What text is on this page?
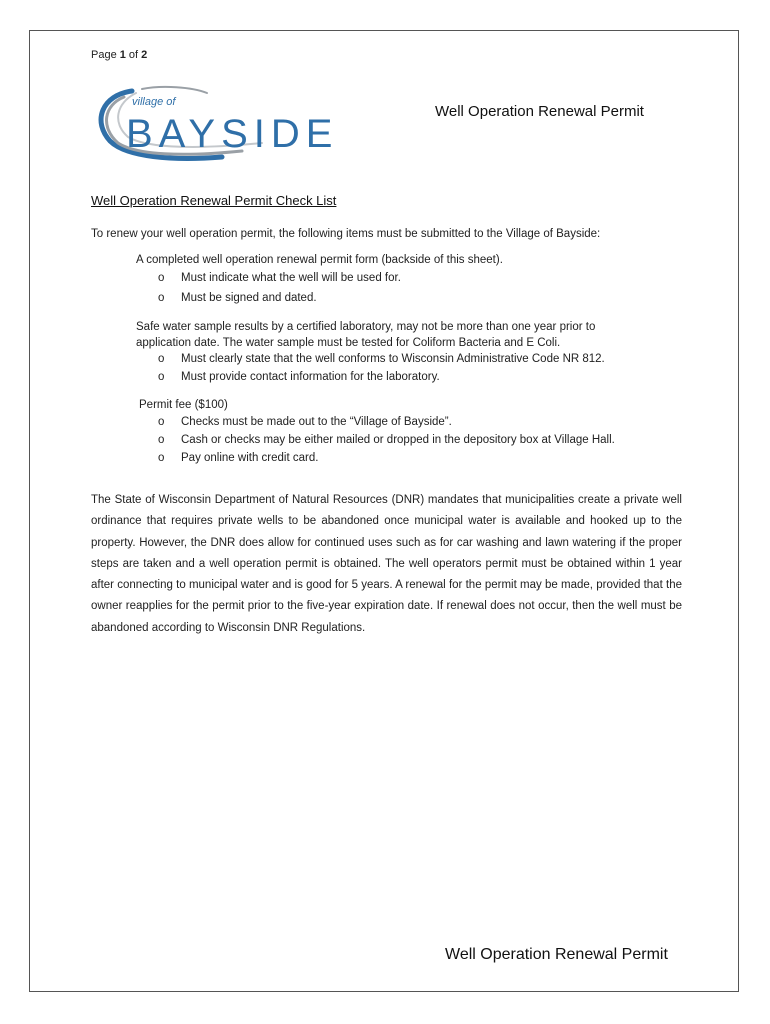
Page 1 of 2
village of
BAYSIDE
Well Operation Renewal Permit
Well Operation Renewal Permit Check List
To renew your well operation permit, the following items must be submitted to the Village of Bayside:
A completed well operation renewal permit form (backside of this sheet).
o Must indicate what the well will be used for.
o Must be signed and dated.
Safe water sample results by a certified laboratory, may not be more than one year prior to
application date. The water sample must be tested for Coliform Bacteria and E Coli.
o Must clearly state that the well conforms to Wisconsin Administrative Code NR 812.
o Must provide contact information for the laboratory.
Permit fee ($100)
o Checks must be made out to the “Village of Bayside”.
o Cash or checks may be either mailed or dropped in the depository box at Village Hall.
o Pay online with credit card.
The State of Wisconsin Department of Natural Resources (DNR) mandates that municipalities create a private well ordinance that requires private wells to be abandoned once municipal water is available and hooked up to the property. However, the DNR does allow for continued uses such as for car washing and lawn watering if the proper steps are taken and a well operation permit is obtained. The well operators permit must be obtained within 1 year after connecting to municipal water and is good for 5 years. A renewal for the permit may be made, provided that the owner reapplies for the permit prior to the five-year expiration date. If renewal does not occur, then the well must be abandoned according to Wisconsin DNR Regulations.
Well Operation Renewal Permit
